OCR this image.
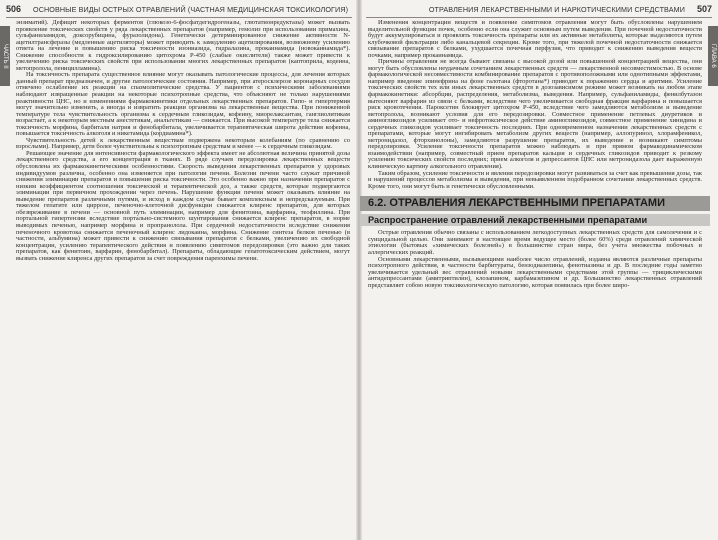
506 ОСНОВНЫЕ ВИДЫ ОСТРЫХ ОТРАВЛЕНИЙ (ЧАСТНАЯ МЕДИЦИНСКАЯ ТОКСИКОЛОГИЯ)
ЧАСТЬ II

энзиматий). Дефицит некоторых ферментов (глюкозо-6-фосфатдегидрогеназы, глютатионредуктазы) может вызвать проявление токсических свойств у ряда лекарственных препаратов (например, гемолиз при использовании примахина, сульфаниламидов, доксорубицина, фуразолидона). Генетически детерминированное снижение активности N-ацетилтрансферазы (медленные ацетиляторы) может приводить к замедлению ацетилирования, возможному усилению ответа на лечение и повышению риска токсичности изониазида, гидралазина, прокаинамида (новокаинамида*). Снижение способности к гидроксилированию цитохрома Р-450 (слабые окислители) также может привести к увеличению риска токсических свойств при использовании многих лекарственных препаратов (каптоприла, кодеина, метопролола, пеницилламина).

На токсичность препарата существенное влияние могут оказывать патологические процессы, для лечения которых данный препарат предназначен, и другие патологические состояния. Например, при атеросклерозе коронарных сосудов отмечено ослабление их реакции на спазмолитические средства. У пациентов с психическими заболеваниями наблюдают извращенные реакции на некоторые психотропные средства, что объясняют не только нарушениями реактивности ЦНС, но и изменениями фармакокинетики отдельных лекарственных препаратов. Гипо- и гипертермия могут значительно изменить, а иногда и извратить реакции организма на лекарственные вещества. При пониженной температуре тела чувствительность организма к сердечным гликозидам, кофеину, миорелаксантам, ганглиолитикам возрастает, а к некоторым местным анестетикам, анальгетикам — снижается. При высокой температуре тела снижается токсичность морфина, барбиталя натрия и фенобарбитала, увеличивается терапевтическая широта действия кофеина, повышается токсичность алкоголя и никетамида (кордиамина*).

Чувствительность детей к лекарственным веществам подвержена некоторым колебаниям (по сравнению со взрослыми). Например, дети более чувствительны к психотропным средствам и менее — к сердечным гликозидам.

Решающее значение для интенсивности фармакологического эффекта имеет не абсолютная величина принятой дозы лекарственного средства, а его концентрация в тканях. В ряде случаев передозировка лекарственных веществ обусловлена их фармакокинетическими особенностями. Скорость выведения лекарственных препаратов у здоровых индивидуумов различна, особенно она изменяется при патологии печени. Болезни печени часто служат причиной снижения элиминации препаратов и повышения риска токсичности. Это особенно важно при назначении препаратов с низким коэффициентом соотношения токсической и терапевтической доз, а также средств, которые подвергаются элиминации при первичном прохождении через печень. Нарушение функции печени может оказывать влияние на выведение препаратов различными путями, и исход в каждом случае бывает комплексным и непредсказуемым. При тяжелом гепатите или циррозе, печеночно-клеточной дисфункции снижается клиренс препаратов, для которых обезвреживание в печени — основной путь элиминации, например для фенитоина, варфарина, теофиллина. При портальной гипертензии вследствие портально-системного шунтирования снижается клиренс препаратов, в норме выводимых печенью, например морфина и пропранолола. При сердечной недостаточности вследствие снижения печеночного кровотока снижается печеночный клиренс лидокаина, морфина. Снижение синтеза белков печенью (в частности, альбумина) может привести к снижению связывания препаратов с белками, увеличению их свободной концентрации, усилению терапевтического действия и появлению симптомов передозировки (это важно для таких препаратов, как фенитоин, варфарин, фенобарбитал). Препараты, обладающие гепатотоксическим действием, могут вызвать снижение клиренса других препаратов за счет повреждения паренхимы печени.

ОТРАВЛЕНИЯ ЛЕКАРСТВЕННЫМИ И НАРКОТИЧЕСКИМИ СРЕДСТВАМИ 507
ГЛАВА 6

Изменения концентрации веществ и появление симптомов отравления могут быть обусловлены нарушением выделительной функции почек, особенно если она служит основным путем выведения. При почечной недостаточности будут аккумулироваться и проявлять токсичность препараты или их активные метаболиты, которые выделяются путем клубочковой фильтрации либо канальцевой секреции. Кроме того, при тяжелой почечной недостаточности снижается связывание препаратов с белками, ухудшается почечная перфузия, что приводит к снижению выведения веществ почками, например прокаинамида.

Причины отравления не всегда бывают связаны с высокой дозой или повышенной концентрацией вещества, они могут быть обусловлены неудачным сочетанием лекарственных средств — лекарственной несовместимостью. В основе фармакологической несовместимости комбинирование препаратов с противоположными или однотипными эффектами, например введение эпинефрина на фоне галотана (фторотана*) приводит к поражению сердца и аритмии. Усиление токсических свойств тех или иных лекарственных средств в дозозависимом режиме может возникать на любом этапе фармакокинетики: абсорбции, распределения, метаболизма, выведения. Например, сульфаниламиды, фенилбутазон вытесняют варфарин из связи с белками, вследствие чего увеличивается свободная фракция варфарина и повышается риск кровотечения. Пароксетин блокирует цитохром Р-450, вследствие чего замедляются метаболизм и выведение метопролола, возникают условия для его передозировки. Совместное применение петлевых диуретиков и аминогликозидов усиливает ото- и нефротоксическое действие аминогликозидов, совместное применение хинидина и сердечных гликозидов усиливает токсичность последних. При одновременном назначении лекарственных средств с препаратами, которые могут ингибировать метаболизм других веществ (например, аллопуринол, хлорамфеникол, метронидазол, фторхинолоны), замедляются разрушение препаратов, их выведение и возникают симптомы передозировки. Усиление токсичности препаратов можно наблюдать и при прямом фармакодинамическом взаимодействии (например, совместный прием препаратов кальция и сердечных гликозидов приводит к резкому усилению токсических свойств последних; прием алкоголя и депрессантов ЦНС или метронидазола дает выраженную клиническую картину алкогольного отравления).

Таким образом, усиление токсичности и явления передозировки могут развиваться за счет как превышения дозы, так и нарушений процессов метаболизма и выведения, при невыявленном подобранном сочетании лекарственных средств. Кроме того, они могут быть и генетически обусловленными.

6.2. ОТРАВЛЕНИЯ ЛЕКАРСТВЕННЫМИ ПРЕПАРАТАМИ
Распространение отравлений лекарственными препаратами

Острые отравления обычно связаны с использованием легкодоступных лекарственных средств для самолечения и с суицидальной целью. Они занимают в настоящее время ведущее место (более 60%) среди отравлений химической этиологии (бытовых «химических болезней») в большинстве стран мира, без учета множества побочных и аллергических реакций.

Основными лекарственными, вызывающими наиболее число отравлений, издавна являются различные препараты психотропного действия, в частности барбитураты, бензодиазепины, фенотиазины и др. В последние годы заметно увеличивается удельный вес отравлений новыми лекарственными средствами этой группы — трициклическими антидепрессантами (амитриптилин), клозапином, карбамазепином и др. Большинство лекарственных отравлений представляет собою новую токсикологическую патологию, которая появилась при более широ-
